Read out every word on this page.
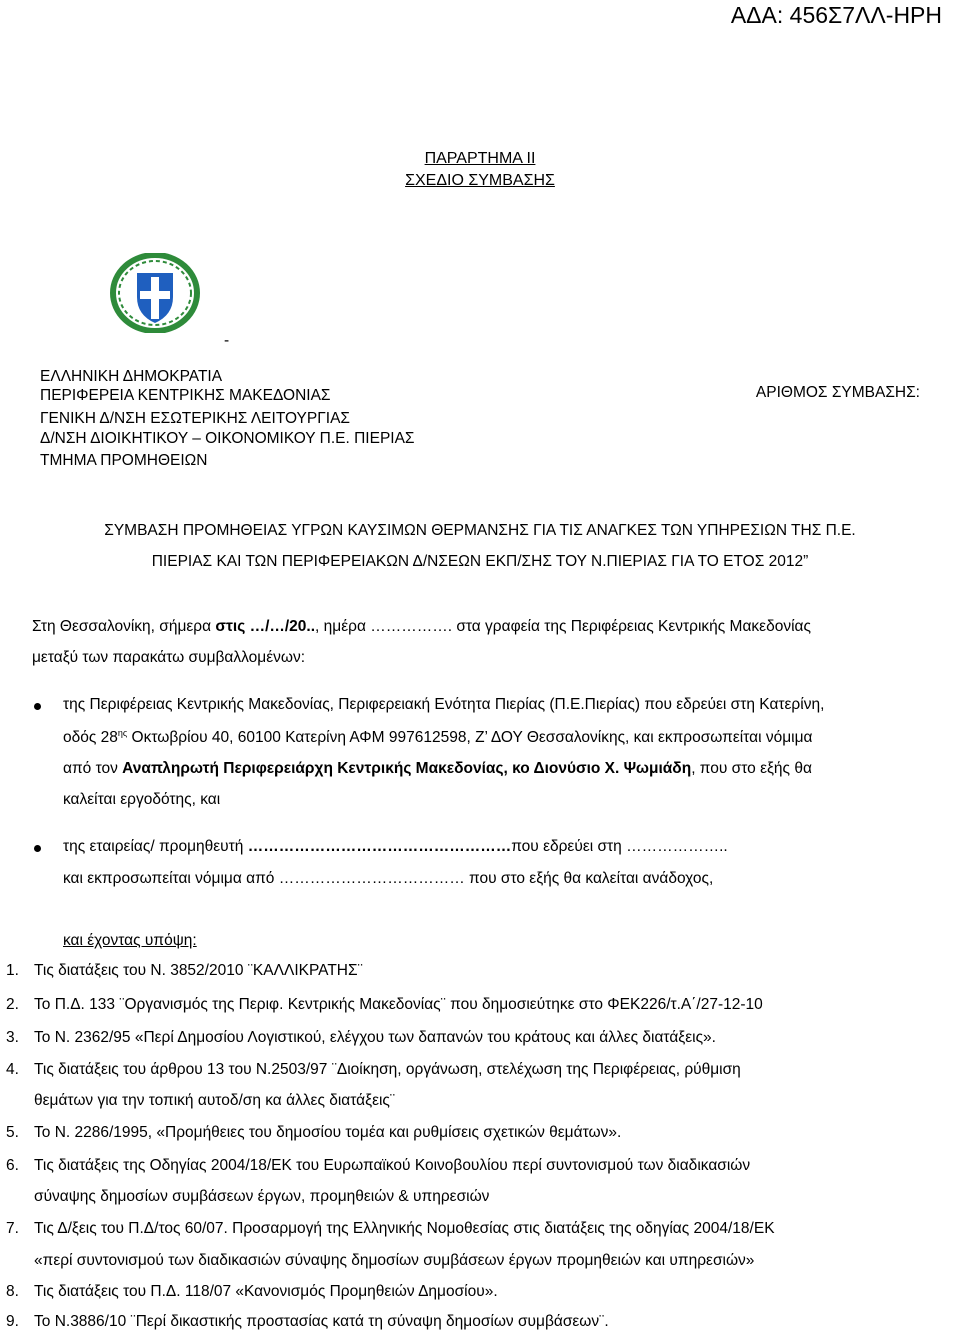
ΑΔΑ: 456Σ7ΛΛ-ΗΡΗ
ΠΑΡΑΡΤΗΜΑ ΙΙ
ΣΧΕΔΙΟ ΣΥΜΒΑΣΗΣ
-
ΕΛΛΗΝΙΚΗ ΔΗΜΟΚΡΑΤΙΑ
ΠΕΡΙΦΕΡΕΙΑ ΚΕΝΤΡΙΚΗΣ ΜΑΚΕΔΟΝΙΑΣ
ΓΕΝΙΚΗ Δ/ΝΣΗ ΕΣΩΤΕΡΙΚΗΣ ΛΕΙΤΟΥΡΓΙΑΣ
Δ/ΝΣΗ ΔΙΟΙΚΗΤΙΚΟΥ – ΟΙΚΟΝΟΜΙΚΟΥ Π.Ε. ΠΙΕΡΙΑΣ
ΤΜΗΜΑ ΠΡΟΜΗΘΕΙΩΝ
ΑΡΙΘΜΟΣ ΣΥΜΒΑΣΗΣ:
ΣΥΜΒΑΣΗ ΠΡΟΜΗΘΕΙΑΣ ΥΓΡΩΝ ΚΑΥΣΙΜΩΝ ΘΕΡΜΑΝΣΗΣ ΓΙΑ ΤΙΣ ΑΝΑΓΚΕΣ ΤΩΝ ΥΠΗΡΕΣΙΩΝ ΤΗΣ Π.Ε.
ΠΙΕΡΙΑΣ ΚΑΙ ΤΩΝ ΠΕΡΙΦΕΡΕΙΑΚΩΝ Δ/ΝΣΕΩΝ ΕΚΠ/ΣΗΣ ΤΟΥ Ν.ΠΙΕΡΙΑΣ ΓΙΑ ΤΟ ΕΤΟΣ 2012”
Στη Θεσσαλονίκη, σήμερα στις …/…/20.., ημέρα ……………. στα γραφεία της Περιφέρειας Κεντρικής Μακεδονίας
μεταξύ των παρακάτω συμβαλλομένων:
της Περιφέρειας Κεντρικής Μακεδονίας, Περιφερειακή Ενότητα Πιερίας (Π.Ε.Πιερίας) που εδρεύει στη Κατερίνη,
οδός $28^{\eta\varsigma}$ Οκτωβρίου 40, 60100 Κατερίνη ΑΦΜ 997612598, Ζ’ ΔΟΥ Θεσσαλονίκης, και εκπροσωπείται νόμιμα
από τον Αναπληρωτή Περιφερειάρχη Κεντρικής Μακεδονίας, κο Διονύσιο Χ. Ψωμιάδη, που στο εξής θα
καλείται εργοδότης, και
της εταιρείας/ προμηθευτή ……………………………………………που εδρεύει στη ………………..
και εκπροσωπείται νόμιμα από ……………………………… που στο εξής θα καλείται ανάδοχος,
και έχοντας υπόψη:
1. Τις διατάξεις του Ν. 3852/2010 ¨ΚΑΛΛΙΚΡΑΤΗΣ¨
2. Το Π.Δ. 133 ¨Οργανισμός της Περιφ. Κεντρικής Μακεδονίας¨ που δημοσιεύτηκε στο ΦΕΚ226/τ.Α΄/27-12-10
3. Το Ν. 2362/95 «Περί Δημοσίου Λογιστικού, ελέγχου των δαπανών του κράτους και άλλες διατάξεις».
4. Τις διατάξεις του άρθρου 13 του Ν.2503/97 ¨Διοίκηση, οργάνωση, στελέχωση της Περιφέρειας, ρύθμιση
θεμάτων για την τοπική αυτοδ/ση κα άλλες διατάξεις¨
5. Το Ν. 2286/1995, «Προμήθειες του δημοσίου τομέα και ρυθμίσεις σχετικών θεμάτων».
6. Τις διατάξεις της Οδηγίας 2004/18/ΕΚ του Ευρωπαϊκού Κοινοβουλίου περί συντονισμού των διαδικασιών
σύναψης δημοσίων συμβάσεων έργων, προμηθειών & υπηρεσιών
7. Τις Δ/ξεις του Π.Δ/τος 60/07. Προσαρμογή της Ελληνικής Νομοθεσίας στις διατάξεις της οδηγίας 2004/18/ΕΚ
«περί συντονισμού των διαδικασιών σύναψης δημοσίων συμβάσεων έργων προμηθειών και υπηρεσιών»
8. Τις διατάξεις του Π.Δ. 118/07 «Κανονισμός Προμηθειών Δημοσίου».
9. Το Ν.3886/10 ¨Περί δικαστικής προστασίας κατά τη σύναψη δημοσίων συμβάσεων¨.
